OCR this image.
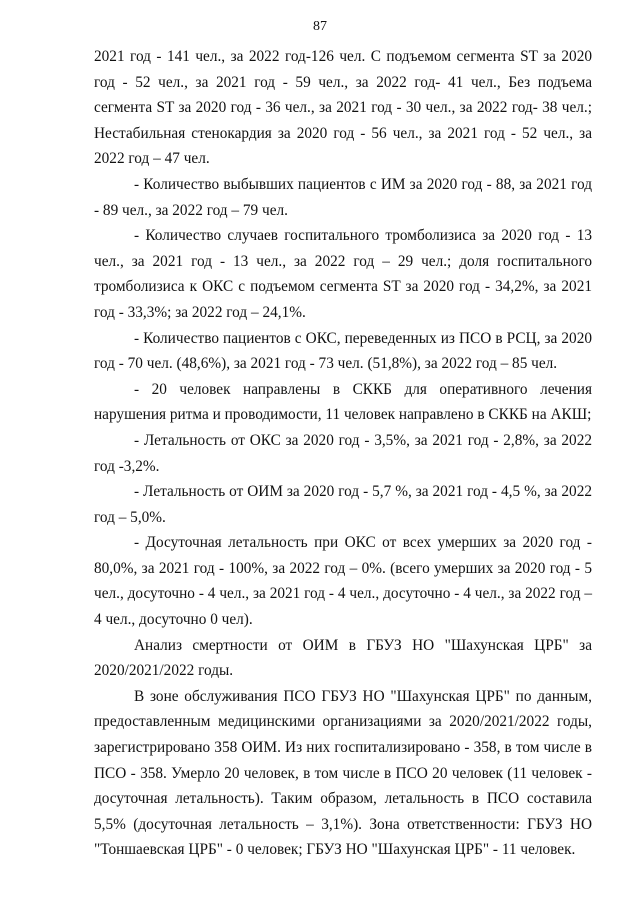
87

2021 год - 141 чел., за 2022 год-126 чел. С подъемом сегмента ST за 2020 год - 52 чел., за 2021 год - 59 чел., за 2022 год- 41 чел., Без подъема сегмента ST за 2020 год - 36 чел., за 2021 год - 30 чел., за 2022 год- 38 чел.; Нестабильная стенокардия за 2020 год - 56 чел., за 2021 год - 52 чел., за 2022 год – 47 чел.

- Количество выбывших пациентов с ИМ за 2020 год - 88, за 2021 год - 89 чел., за 2022 год – 79 чел.

- Количество случаев госпитального тромболизиса за 2020 год - 13 чел., за 2021 год - 13 чел., за 2022 год – 29 чел.; доля госпитального тромболизиса к ОКС с подъемом сегмента ST за 2020 год - 34,2%, за 2021 год - 33,3%; за 2022 год – 24,1%.

- Количество пациентов с ОКС, переведенных из ПСО в РСЦ, за 2020 год - 70 чел. (48,6%), за 2021 год - 73 чел. (51,8%), за 2022 год – 85 чел.

- 20 человек направлены в СККБ для оперативного лечения нарушения ритма и проводимости, 11 человек направлено в СККБ на АКШ;

- Летальность от ОКС за 2020 год - 3,5%, за 2021 год - 2,8%, за 2022 год -3,2%.

- Летальность от ОИМ за 2020 год - 5,7 %, за 2021 год - 4,5 %, за 2022 год – 5,0%.

- Досуточная летальность при ОКС от всех умерших за 2020 год - 80,0%, за 2021 год - 100%, за 2022 год – 0%. (всего умерших за 2020 год - 5 чел., досуточно - 4 чел., за 2021 год - 4 чел., досуточно - 4 чел., за 2022 год – 4 чел., досуточно 0 чел).

Анализ смертности от ОИМ в ГБУЗ НО "Шахунская ЦРБ" за 2020/2021/2022 годы.

В зоне обслуживания ПСО ГБУЗ НО "Шахунская ЦРБ" по данным, предоставленным медицинскими организациями за 2020/2021/2022 годы, зарегистрировано 358 ОИМ. Из них госпитализировано - 358, в том числе в ПСО - 358. Умерло 20 человек, в том числе в ПСО 20 человек (11 человек - досуточная летальность). Таким образом, летальность в ПСО составила 5,5% (досуточная летальность – 3,1%). Зона ответственности: ГБУЗ НО "Тоншаевская ЦРБ" - 0 человек; ГБУЗ НО "Шахунская ЦРБ" - 11 человек.
